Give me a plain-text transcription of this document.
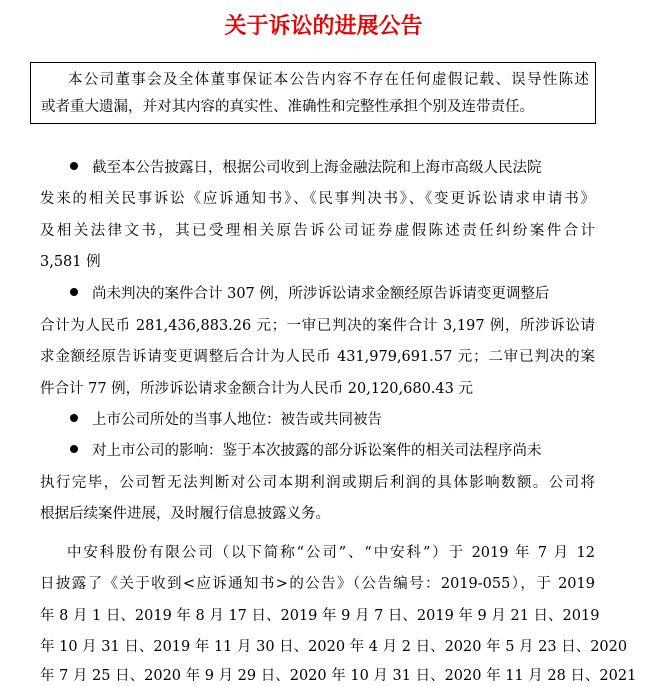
关于诉讼的进展公告
本公司董事会及全体董事保证本公告内容不存在任何虚假记载、误导性陈述
或者重大遗漏，并对其内容的真实性、准确性和完整性承担个别及连带责任。
截至本公告披露日，根据公司收到上海金融法院和上海市高级人民法院
发来的相关民事诉讼《应诉通知书》、《民事判决书》、《变更诉讼请求申请书》
及相关法律文书，其已受理相关原告诉公司证券虚假陈述责任纠纷案件合计
3,581 例
尚未判决的案件合计 307 例，所涉诉讼请求金额经原告诉请变更调整后
合计为人民币 281,436,883.26 元；一审已判决的案件合计 3,197 例，所涉诉讼请
求金额经原告诉请变更调整后合计为人民币 431,979,691.57 元；二审已判决的案
件合计 77 例，所涉诉讼请求金额合计为人民币 20,120,680.43 元
上市公司所处的当事人地位：被告或共同被告
对上市公司的影响：鉴于本次披露的部分诉讼案件的相关司法程序尚未
执行完毕，公司暂无法判断对公司本期利润或期后利润的具体影响数额。公司将
根据后续案件进展，及时履行信息披露义务。
中安科股份有限公司（以下简称“公司”、“中安科”）于 2019 年 7 月 12
日披露了《关于收到<应诉通知书>的公告》（公告编号：2019-055），于 2019
年 8 月 1 日、2019 年 8 月 17 日、2019 年 9 月 7 日、2019 年 9 月 21 日、2019
年 10 月 31 日、2019 年 11 月 30 日、2020 年 4 月 2 日、2020 年 5 月 23 日、2020
年 7 月 25 日、2020 年 9 月 29 日、2020 年 10 月 31 日、2020 年 11 月 28 日、2021
